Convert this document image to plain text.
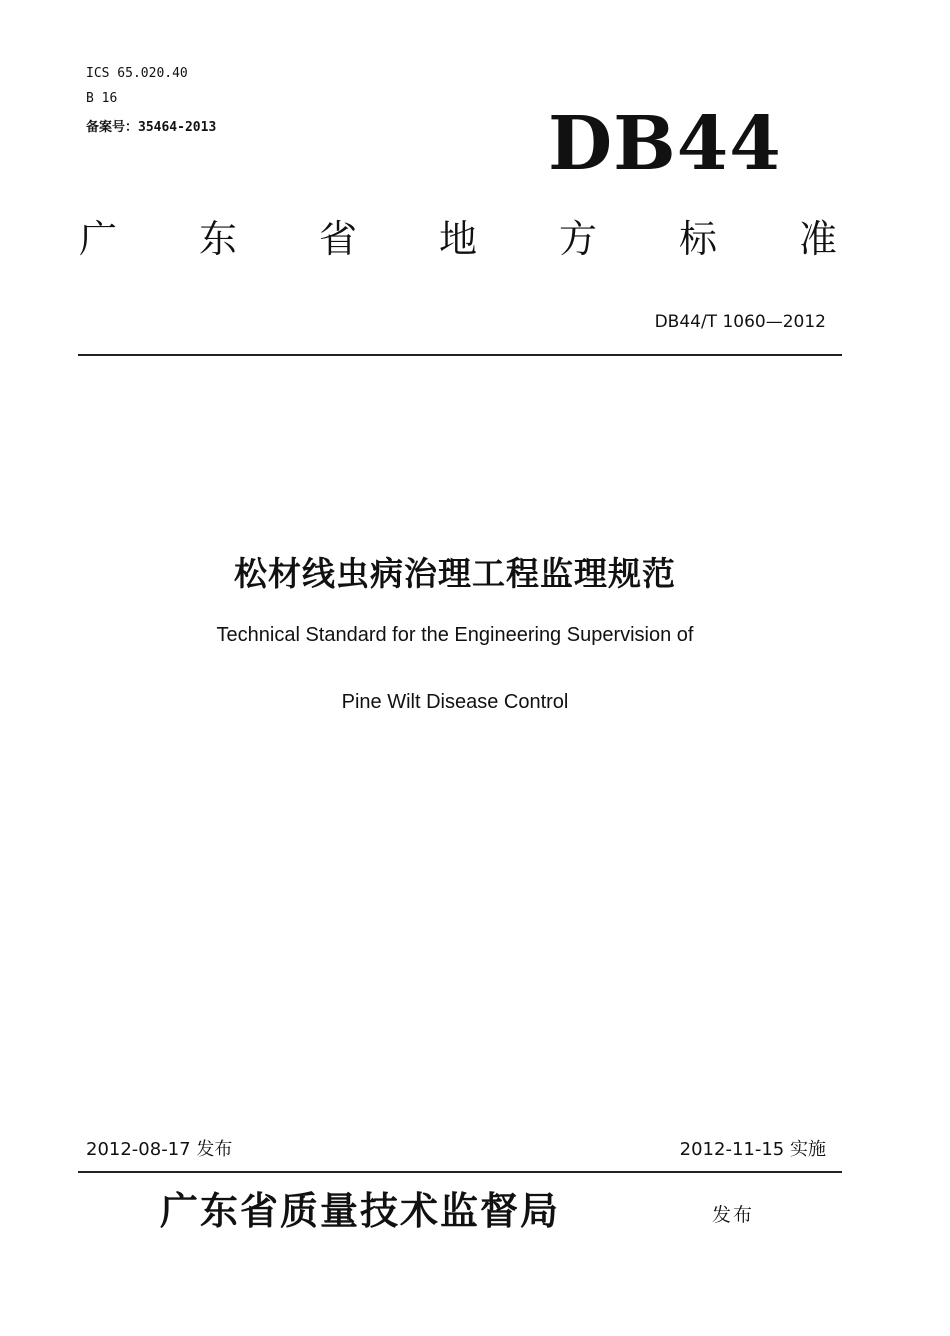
ICS 65.020.40
B 16
备案号：35464-2013	DB44
广 东 省 地 方 标 准
DB44/T 1060—2012
松材线虫病治理工程监理规范
Technical Standard for the Engineering Supervision of
Pine Wilt Disease Control
2012-08-17 发布	2012-11-15 实施
广东省质量技术监督局	发布
